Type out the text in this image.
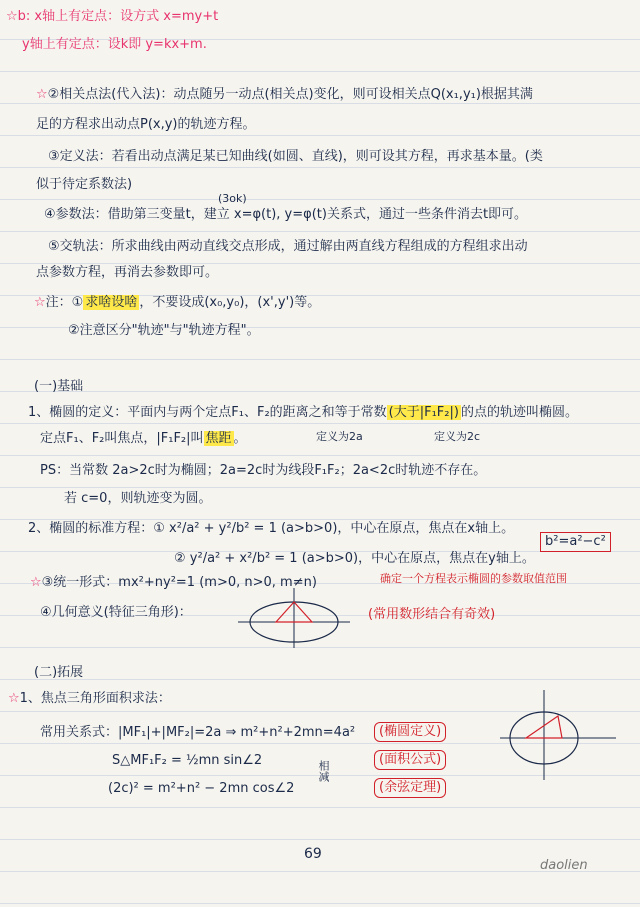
☆b: x轴上有定点：设方式 x=my+t
y轴上有定点：设k即 y=kx+m.
☆②相关点法(代入法)：动点随另一动点(相关点)变化，则可设相关点Q(x₁,y₁)根据其满
足的方程求出动点P(x,y)的轨迹方程。
③定义法：若看出动点满足某已知曲线(如圆、直线)，则可设其方程，再求基本量。(类
似于待定系数法)
(3ok)
④参数法：借助第三变量t，建立 x=φ(t), y=φ(t)关系式，通过一些条件消去t即可。
⑤交轨法：所求曲线由两动直线交点形成，通过解由两直线方程组成的方程组求出动
点参数方程，再消去参数即可。
☆注：① 求啥设啥 ，不要设成(x₀,y₀)，(x',y')等。
②注意区分"轨迹"与"轨迹方程"。
(一)基础
1、椭圆的定义：平面内与两个定点F₁、F₂的距离之和等于常数 (大于|F₁F₂|) 的点的轨迹叫椭圆。
定点F₁、F₂叫焦点，|F₁F₂|叫 焦距 。	定义为2a	定义为2c
PS：当常数 2a>2c时为椭圆；2a=2c时为线段F₁F₂；2a<2c时轨迹不存在。
若 c=0，则轨迹变为圆。
2、椭圆的标准方程：① x²/a² + y²/b² = 1 (a>b>0)，中心在原点，焦点在x轴上。
② y²/a² + x²/b² = 1 (a>b>0)，中心在原点，焦点在y轴上。
b²=a²−c²
☆③统一形式：mx²+ny²=1 (m>0, n>0, m≠n)	确定一个方程表示椭圆的参数取值范围
④几何意义(特征三角形)：	(常用数形结合有奇效)
(二)拓展
☆1、焦点三角形面积求法：
常用关系式：|MF₁|+|MF₂|=2a ⇒ m²+n²+2mn=4a²	(椭圆定义)
S△MF₁F₂ = ½mn sin∠2	(面积公式)
相减
(2c)² = m²+n² − 2mn cos∠2	(余弦定理)
69
daolien
